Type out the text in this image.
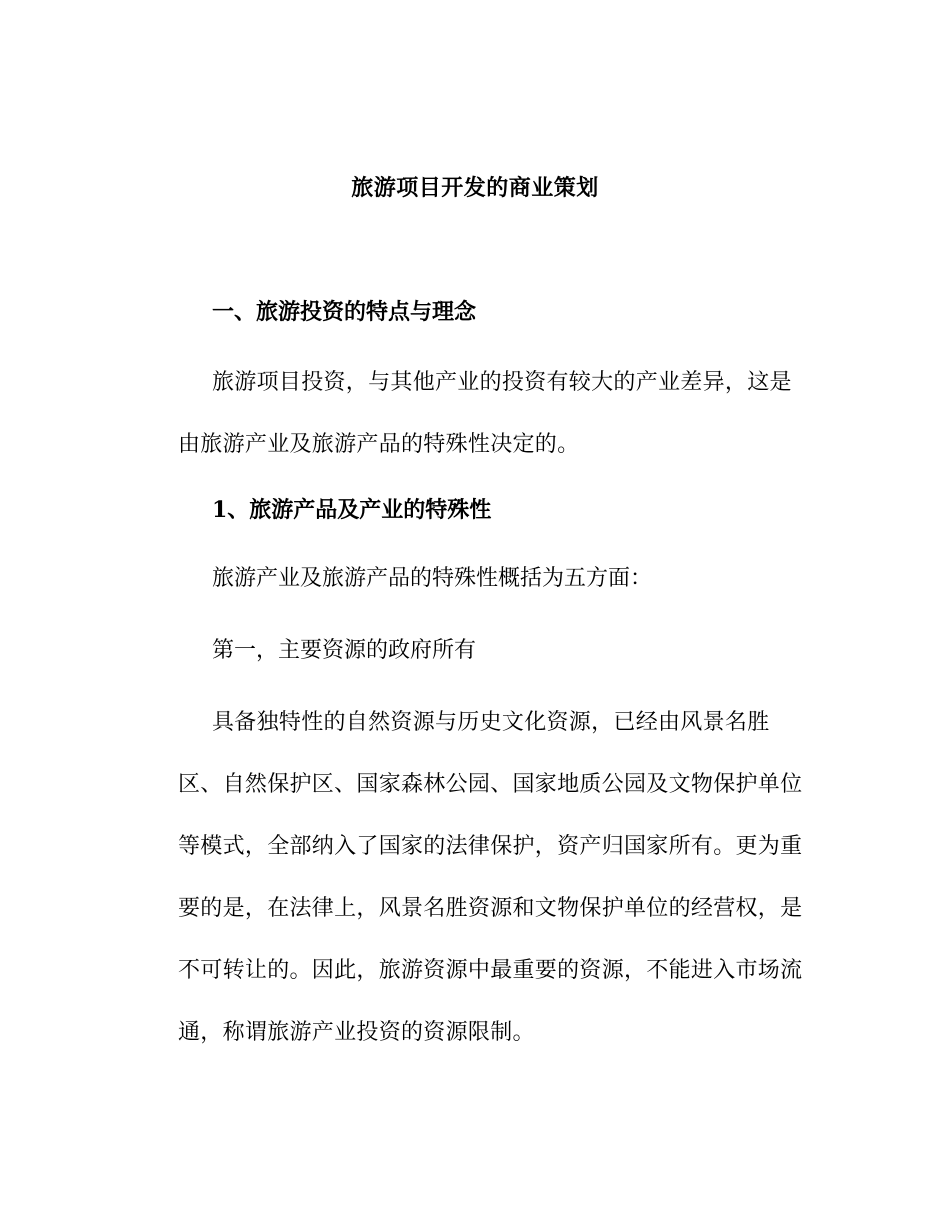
旅游项目开发的商业策划
一、旅游投资的特点与理念
旅游项目投资，与其他产业的投资有较大的产业差异，这是由旅游产业及旅游产品的特殊性决定的。
1、旅游产品及产业的特殊性
旅游产业及旅游产品的特殊性概括为五方面：
第一，主要资源的政府所有
具备独特性的自然资源与历史文化资源，已经由风景名胜区、自然保护区、国家森林公园、国家地质公园及文物保护单位等模式，全部纳入了国家的法律保护，资产归国家所有。更为重要的是，在法律上，风景名胜资源和文物保护单位的经营权，是不可转让的。因此，旅游资源中最重要的资源，不能进入市场流通，称谓旅游产业投资的资源限制。
